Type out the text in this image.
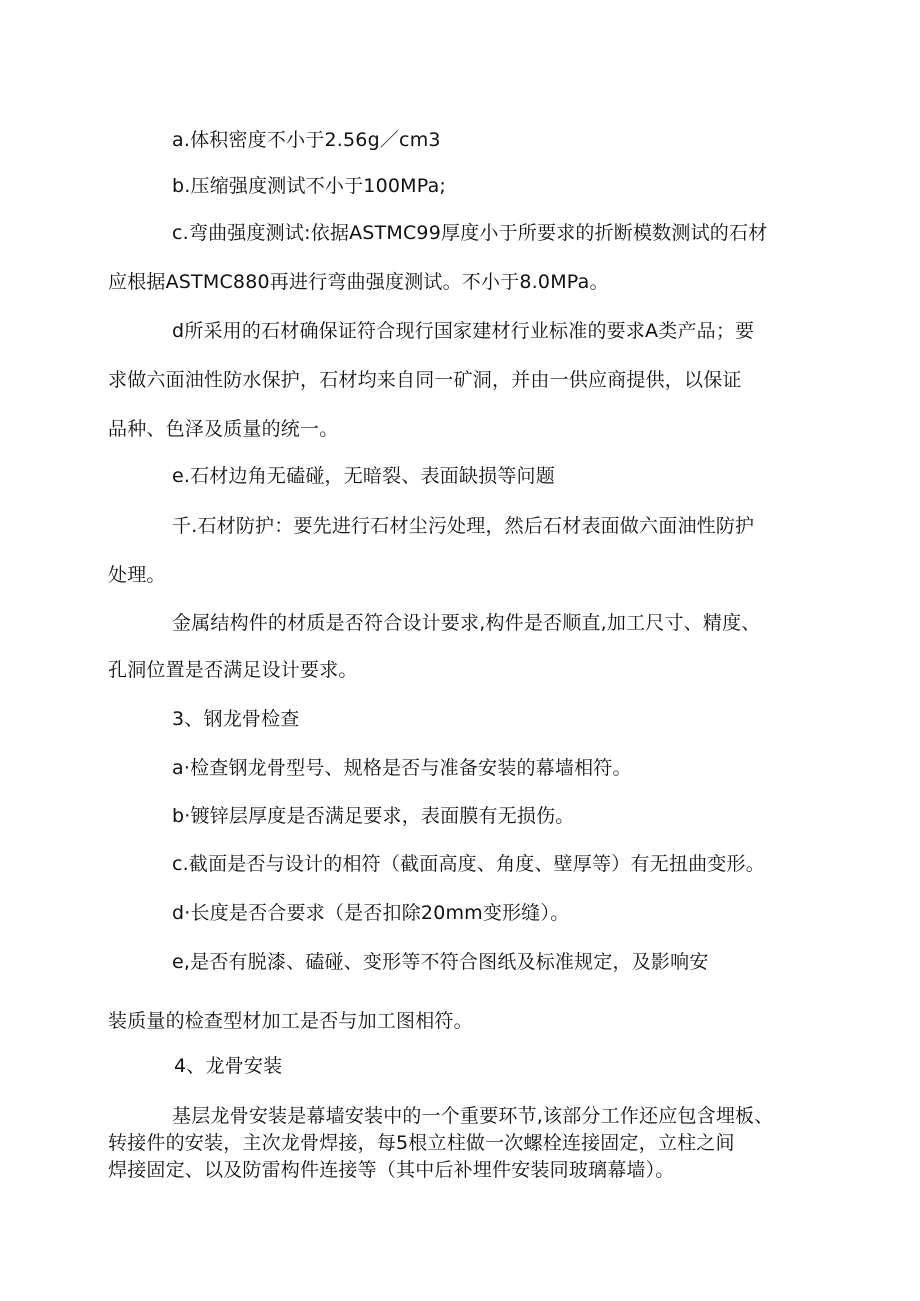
a.体积密度不小于2.56g／cm3
b.压缩强度测试不小于100MPa;
c.弯曲强度测试:依据ASTMC99厚度小于所要求的折断模数测试的石材
应根据ASTMC880再进行弯曲强度测试。不小于8.0MPa。
d所采用的石材确保证符合现行国家建材行业标准的要求A类产品；要
求做六面油性防水保护，石材均来自同一矿洞，并由一供应商提供，以保证
品种、色泽及质量的统一。
e.石材边角无磕碰，无暗裂、表面缺损等问题
千.石材防护：要先进行石材尘污处理，然后石材表面做六面油性防护
处理。
金属结构件的材质是否符合设计要求,构件是否顺直,加工尺寸、精度、
孔洞位置是否满足设计要求。
3、钢龙骨检查
a·检查钢龙骨型号、规格是否与准备安装的幕墙相符。
b·镀锌层厚度是否满足要求，表面膜有无损伤。
c.截面是否与设计的相符（截面高度、角度、壁厚等）有无扭曲变形。
d·长度是否合要求（是否扣除20mm变形缝）。
e,是否有脱漆、磕碰、变形等不符合图纸及标准规定，及影响安
装质量的检查型材加工是否与加工图相符。
4、龙骨安装
基层龙骨安装是幕墙安装中的一个重要环节,该部分工作还应包含埋板、
转接件的安装，主次龙骨焊接，每5根立柱做一次螺栓连接固定，立柱之间
焊接固定、以及防雷构件连接等（其中后补埋件安装同玻璃幕墙）。
